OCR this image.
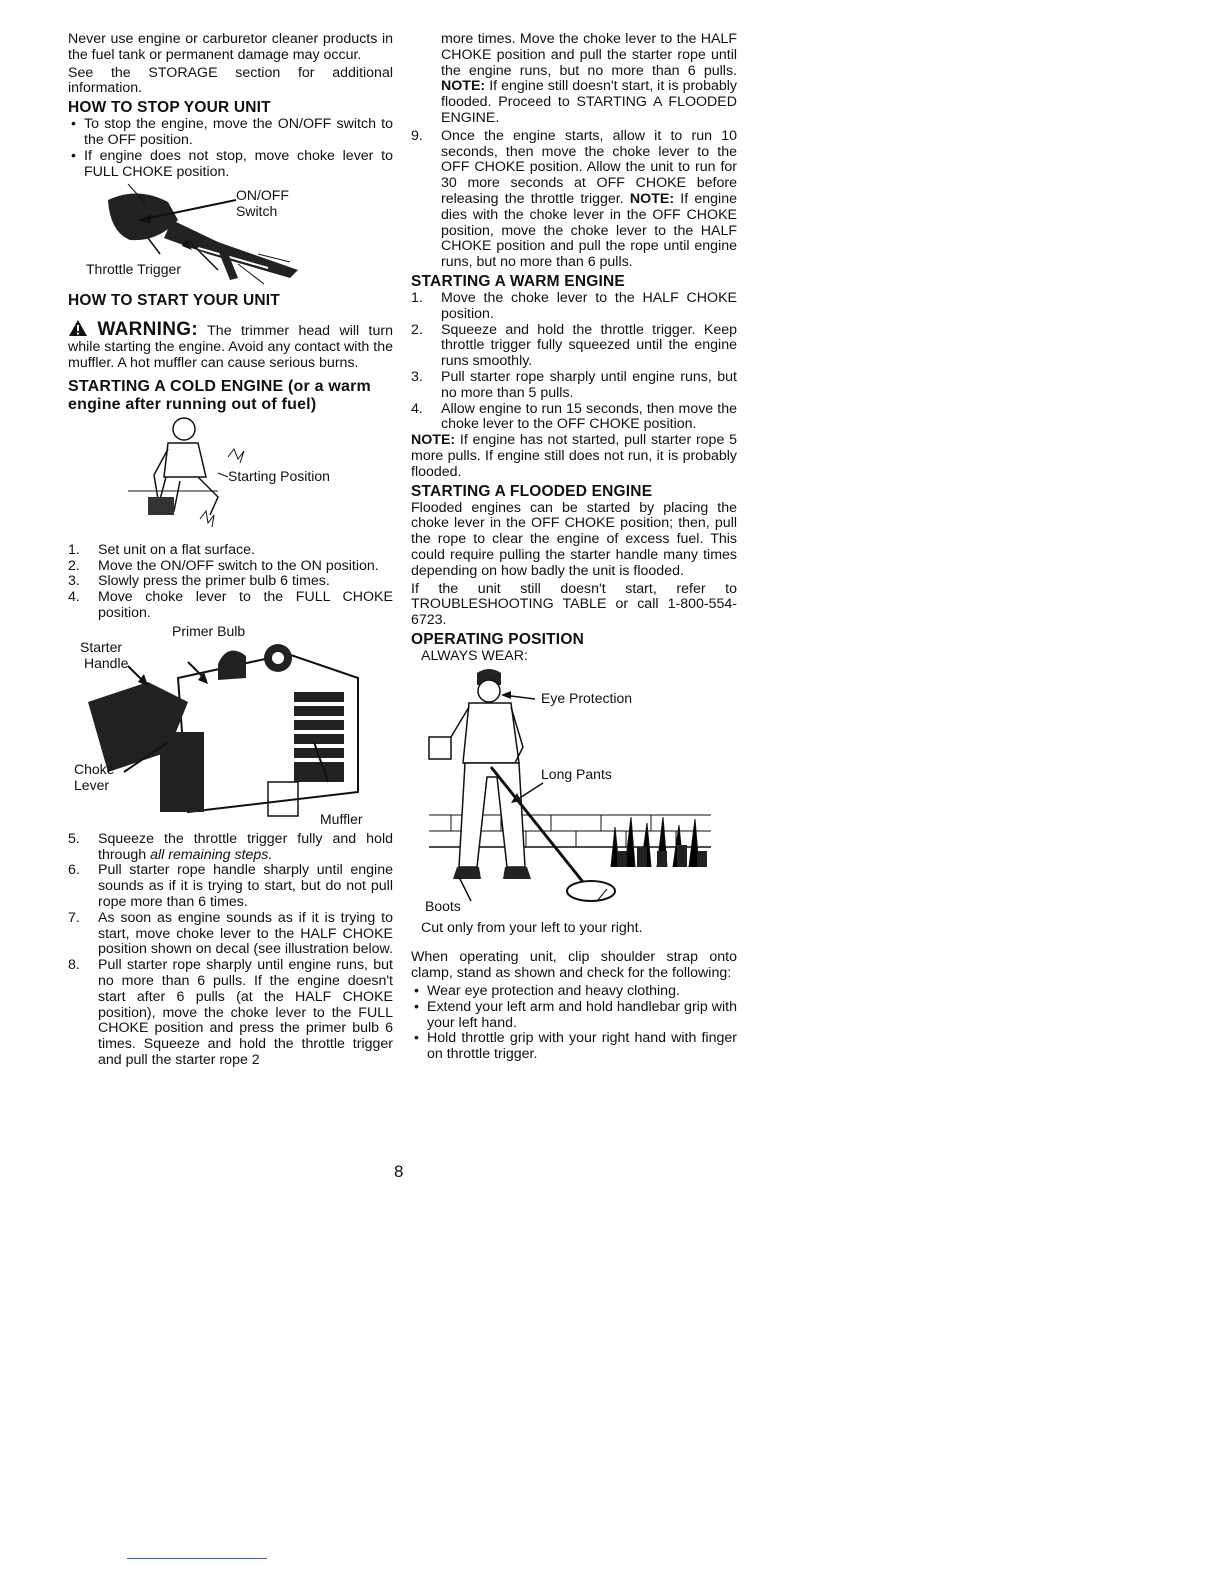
Never use engine or carburetor cleaner products in the fuel tank or permanent damage may occur.

See the STORAGE section for additional information.

HOW TO STOP YOUR UNIT
• To stop the engine, move the ON/OFF switch to the OFF position.
• If engine does not stop, move choke lever to FULL CHOKE position.
ON/OFF
Switch
Throttle Trigger
HOW TO START YOUR UNIT

WARNING: The trimmer head will turn while starting the engine. Avoid any contact with the muffler. A hot muffler can cause serious burns.

STARTING A COLD ENGINE (or a warm engine after running out of fuel)
Starting Position
1.	Set unit on a flat surface.
2.	Move the ON/OFF switch to the ON position.
3.	Slowly press the primer bulb 6 times.
4.	Move choke lever to the FULL CHOKE position.
Primer Bulb
Starter
Handle
Choke
Lever
Muffler
5.	Squeeze the throttle trigger fully and hold through all remaining steps.
6.	Pull starter rope handle sharply until engine sounds as if it is trying to start, but do not pull rope more than 6 times.
7.	As soon as engine sounds as if it is trying to start, move choke lever to the HALF CHOKE position shown on decal (see illustration below.
8.	Pull starter rope sharply until engine runs, but no more than 6 pulls. If the engine doesn't start after 6 pulls (at the HALF CHOKE position), move the choke lever to the FULL CHOKE position and press the primer bulb 6 times. Squeeze and hold the throttle trigger and pull the starter rope 2

more times. Move the choke lever to the HALF CHOKE position and pull the starter rope until the engine runs, but no more than 6 pulls. NOTE: If engine still doesn't start, it is probably flooded. Proceed to STARTING A FLOODED ENGINE.

9.	Once the engine starts, allow it to run 10 seconds, then move the choke lever to the OFF CHOKE position. Allow the unit to run for 30 more seconds at OFF CHOKE before releasing the throttle trigger. NOTE: If engine dies with the choke lever in the OFF CHOKE position, move the choke lever to the HALF CHOKE position and pull the rope until engine runs, but no more than 6 pulls.
STARTING A WARM ENGINE
1.	Move the choke lever to the HALF CHOKE position.
2.	Squeeze and hold the throttle trigger. Keep throttle trigger fully squeezed until the engine runs smoothly.
3.	Pull starter rope sharply until engine runs, but no more than 5 pulls.
4.	Allow engine to run 15 seconds, then move the choke lever to the OFF CHOKE position.

NOTE: If engine has not started, pull starter rope 5 more pulls. If engine still does not run, it is probably flooded.

STARTING A FLOODED ENGINE

Flooded engines can be started by placing the choke lever in the OFF CHOKE position; then, pull the rope to clear the engine of excess fuel. This could require pulling the starter handle many times depending on how badly the unit is flooded.

If the unit still doesn't start, refer to TROUBLESHOOTING TABLE or call 1-800-554-6723.

OPERATING POSITION

ALWAYS WEAR:

Eye Protection
Long Pants
Boots

Cut only from your left to your right.

When operating unit, clip shoulder strap onto clamp, stand as shown and check for the following:

• Wear eye protection and heavy clothing.
• Extend your left arm and hold handlebar grip with your left hand.
• Hold throttle grip with your right hand with finger on throttle trigger.
8
